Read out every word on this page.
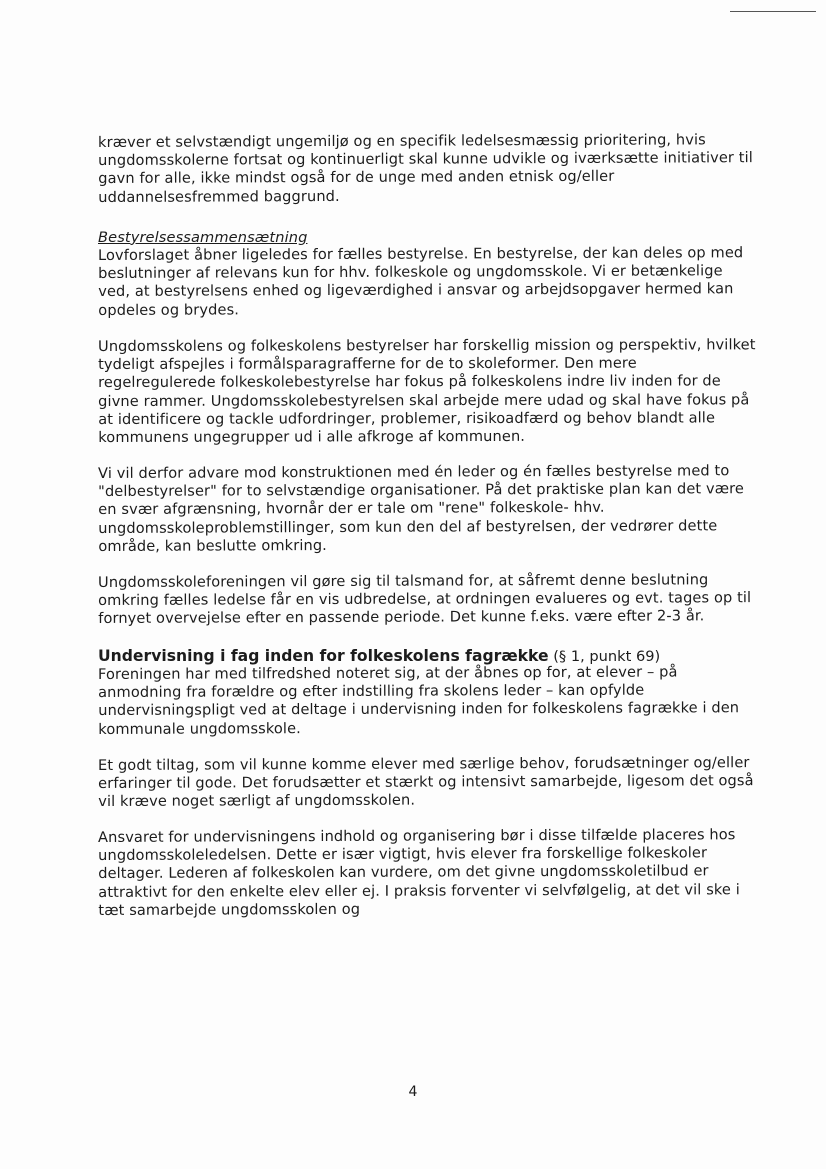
kræver et selvstændigt ungemiljø og en specifik ledelsesmæssig prioritering, hvis ungdomsskolerne fortsat og kontinuerligt skal kunne udvikle og iværksætte initiativer til gavn for alle, ikke mindst også for de unge med anden etnisk og/eller uddannelsesfremmed baggrund.

Bestyrelsessammensætning

Lovforslaget åbner ligeledes for fælles bestyrelse. En bestyrelse, der kan deles op med beslutninger af relevans kun for hhv. folkeskole og ungdomsskole. Vi er betænkelige ved, at bestyrelsens enhed og ligeværdighed i ansvar og arbejdsopgaver hermed kan opdeles og brydes.

Ungdomsskolens og folkeskolens bestyrelser har forskellig mission og perspektiv, hvilket tydeligt afspejles i formålsparagrafferne for de to skoleformer. Den mere regelregulerede folkeskolebestyrelse har fokus på folkeskolens indre liv inden for de givne rammer. Ungdomsskolebestyrelsen skal arbejde mere udad og skal have fokus på at identificere og tackle udfordringer, problemer, risikoadfærd og behov blandt alle kommunens ungegrupper ud i alle afkroge af kommunen.

Vi vil derfor advare mod konstruktionen med én leder og én fælles bestyrelse med to "delbestyrelser" for to selvstændige organisationer. På det praktiske plan kan det være en svær afgrænsning, hvornår der er tale om "rene" folkeskole- hhv. ungdomsskoleproblemstillinger, som kun den del af bestyrelsen, der vedrører dette område, kan beslutte omkring.

Ungdomsskoleforeningen vil gøre sig til talsmand for, at såfremt denne beslutning omkring fælles ledelse får en vis udbredelse, at ordningen evalueres og evt. tages op til fornyet overvejelse efter en passende periode. Det kunne f.eks. være efter 2-3 år.

Undervisning i fag inden for folkeskolens fagrække (§ 1, punkt 69)

Foreningen har med tilfredshed noteret sig, at der åbnes op for, at elever – på anmodning fra forældre og efter indstilling fra skolens leder – kan opfylde undervisningspligt ved at deltage i undervisning inden for folkeskolens fagrække i den kommunale ungdomsskole.

Et godt tiltag, som vil kunne komme elever med særlige behov, forudsætninger og/eller erfaringer til gode. Det forudsætter et stærkt og intensivt samarbejde, ligesom det også vil kræve noget særligt af ungdomsskolen.

Ansvaret for undervisningens indhold og organisering bør i disse tilfælde placeres hos ungdomsskoleledelsen. Dette er især vigtigt, hvis elever fra forskellige folkeskoler deltager. Lederen af folkeskolen kan vurdere, om det givne ungdomsskoletilbud er attraktivt for den enkelte elev eller ej. I praksis forventer vi selvfølgelig, at det vil ske i tæt samarbejde ungdomsskolen og

4
